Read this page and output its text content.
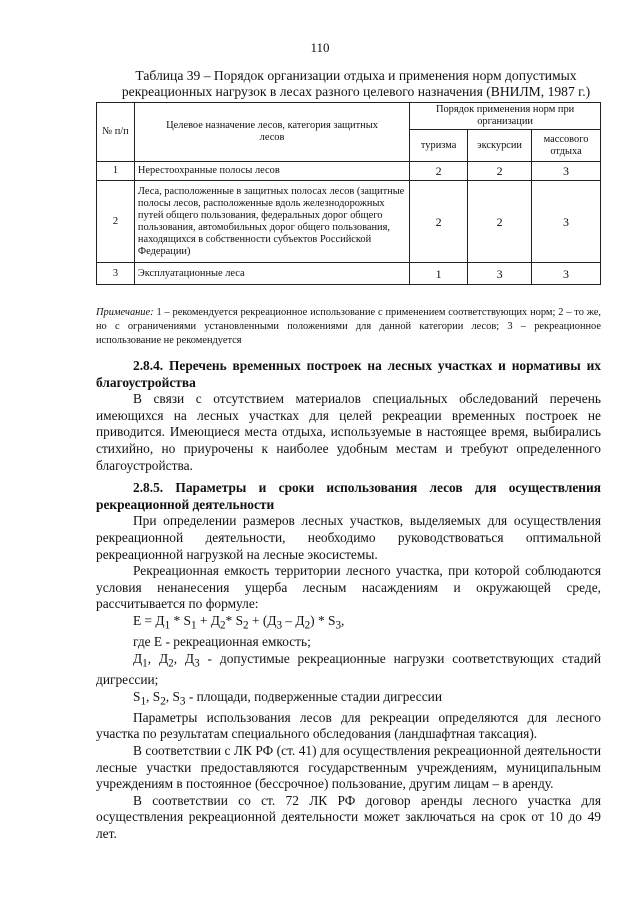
110
Таблица 39 – Порядок организации отдыха и применения норм допустимых рекреационных нагрузок в лесах разного целевого назначения (ВНИЛМ, 1987 г.)
№ п/п	Целевое назначение лесов, категория защитных лесов	Порядок применения норм при организации		
		туризма	экскурсии	массового отдыха
1	Нерестоохранные полосы лесов	2	2	3
2	Леса, расположенные в защитных полосах лесов (защитные полосы лесов, расположенные вдоль железнодорожных путей общего пользования, федеральных дорог общего пользования, автомобильных дорог общего пользования, находящихся в собственности субъектов Российской Федерации)	2	2	3
3	Эксплуатационные леса	1	3	3
Примечание: 1 – рекомендуется рекреационное использование с применением соответствующих норм; 2 – то же, но с ограничениями установленными положениями для данной категории лесов; 3 – рекреационное использование не рекомендуется
2.8.4. Перечень временных построек на лесных участках и нормативы их благоустройства

В связи с отсутствием материалов специальных обследований перечень имеющихся на лесных участках для целей рекреации временных построек не приводится. Имеющиеся места отдыха, используемые в настоящее время, выбирались стихийно, но приурочены к наиболее удобным местам и требуют определенного благоустройства.

2.8.5. Параметры и сроки использования лесов для осуществления рекреационной деятельности

При определении размеров лесных участков, выделяемых для осуществления рекреационной деятельности, необходимо руководствоваться оптимальной рекреационной нагрузкой на лесные экосистемы.

Рекреационная емкость территории лесного участка, при которой соблюдаются условия ненанесения ущерба лесным насаждениям и окружающей среде, рассчитывается по формуле:

$Е = Д_1 * S_1 + Д_2*$ $S_2 + (Д_3 - Д_2) * S_3$,

где Е - рекреационная емкость;

$Д_1$, $Д_2$, $Д_3$ - допустимые рекреационные нагрузки соответствующих стадий дигрессии;

$S_1$, $S_2$, $S_3$ - площади, подверженные стадии дигрессии

Параметры использования лесов для рекреации определяются для лесного участка по результатам специального обследования (ландшафтная таксация).

В соответствии с ЛК РФ (ст. 41) для осуществления рекреационной деятельности лесные участки предоставляются государственным учреждениям, муниципальным учреждениям в постоянное (бессрочное) пользование, другим лицам – в аренду.

В соответствии со ст. 72 ЛК РФ договор аренды лесного участка для осуществления рекреационной деятельности может заключаться на срок от 10 до 49 лет.
